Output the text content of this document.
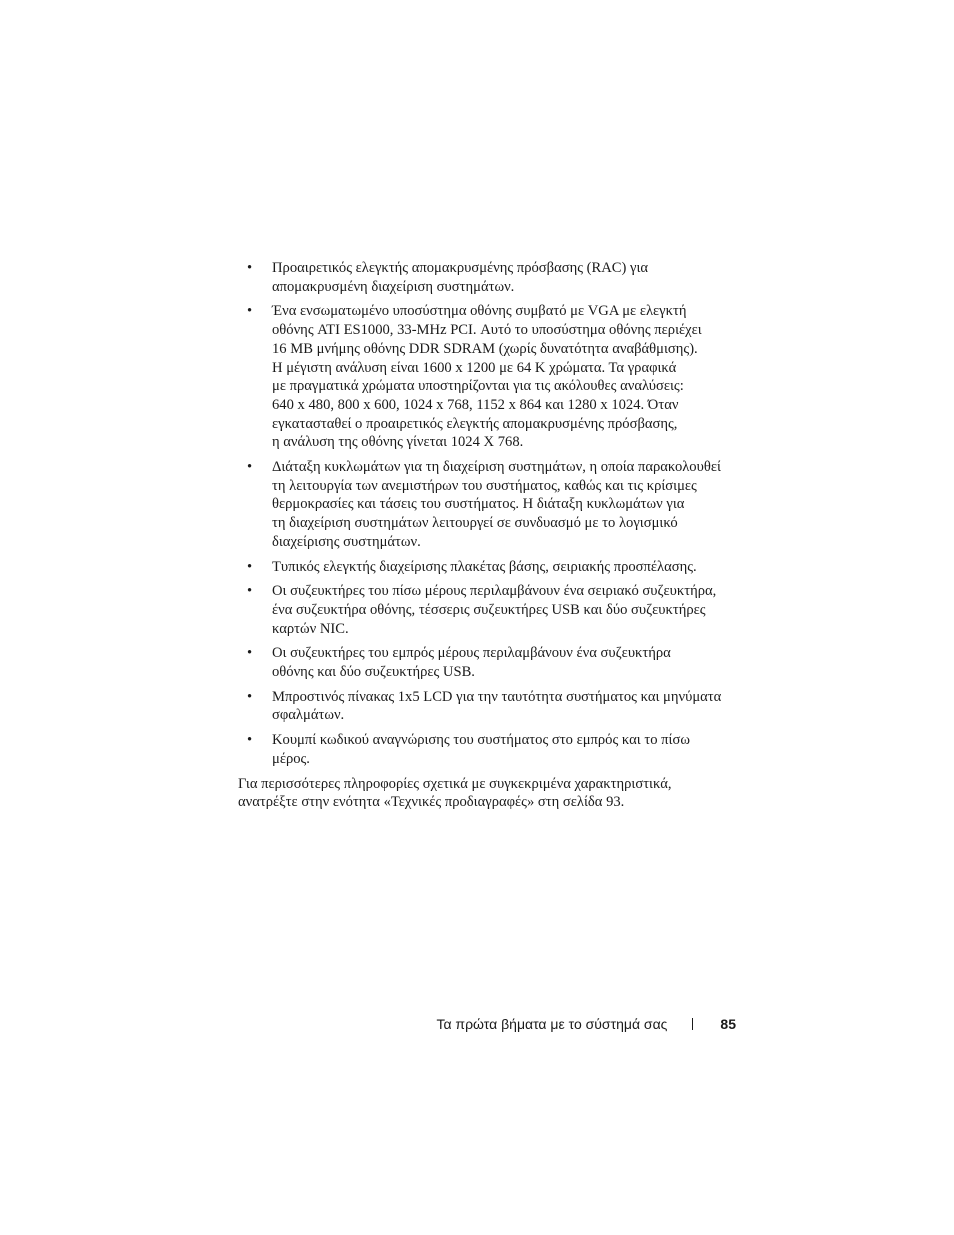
• Προαιρετικός ελεγκτής απομακρυσμένης πρόσβασης (RAC) για
απομακρυσμένη διαχείριση συστημάτων.
• Ένα ενσωματωμένο υποσύστημα οθόνης συμβατό με VGA με ελεγκτή
οθόνης ATI ES1000, 33-MHz PCI. Αυτό το υποσύστημα οθόνης περιέχει
16 MB μνήμης οθόνης DDR SDRAM (χωρίς δυνατότητα αναβάθμισης).
Η μέγιστη ανάλυση είναι 1600 x 1200 με 64 K χρώματα. Τα γραφικά
με πραγματικά χρώματα υποστηρίζονται για τις ακόλουθες αναλύσεις:
640 x 480, 800 x 600, 1024 x 768, 1152 x 864 και 1280 x 1024. Όταν
εγκατασταθεί ο προαιρετικός ελεγκτής απομακρυσμένης πρόσβασης,
η ανάλυση της οθόνης γίνεται 1024 X 768.
• Διάταξη κυκλωμάτων για τη διαχείριση συστημάτων, η οποία παρακολουθεί
τη λειτουργία των ανεμιστήρων του συστήματος, καθώς και τις κρίσιμες
θερμοκρασίες και τάσεις του συστήματος. Η διάταξη κυκλωμάτων για
τη διαχείριση συστημάτων λειτουργεί σε συνδυασμό με το λογισμικό
διαχείρισης συστημάτων.
• Τυπικός ελεγκτής διαχείρισης πλακέτας βάσης, σειριακής προσπέλασης.
• Οι συζευκτήρες του πίσω μέρους περιλαμβάνουν ένα σειριακό συζευκτήρα,
ένα συζευκτήρα οθόνης, τέσσερις συζευκτήρες USB και δύο συζευκτήρες
καρτών NIC.
• Οι συζευκτήρες του εμπρός μέρους περιλαμβάνουν ένα συζευκτήρα
οθόνης και δύο συζευκτήρες USB.
• Μπροστινός πίνακας 1x5 LCD για την ταυτότητα συστήματος και μηνύματα
σφαλμάτων.
• Κουμπί κωδικού αναγνώρισης του συστήματος στο εμπρός και το πίσω
μέρος.

Για περισσότερες πληροφορίες σχετικά με συγκεκριμένα χαρακτηριστικά,
ανατρέξτε στην ενότητα «Τεχνικές προδιαγραφές» στη σελίδα 93.

Τα πρώτα βήματα με το σύστημά σας	85
